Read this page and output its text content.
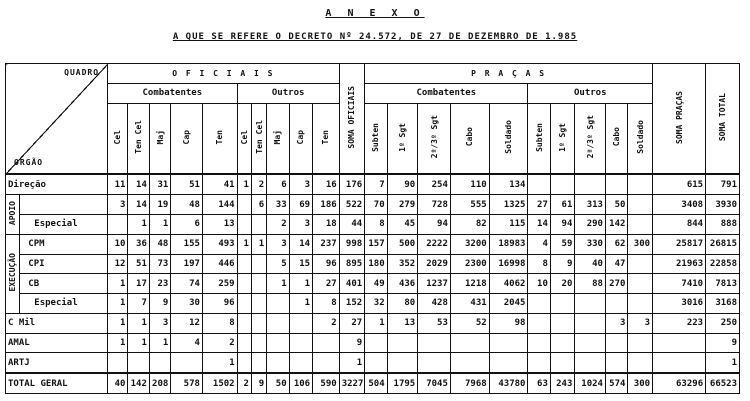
A N E X O
A QUE SE REFERE O DECRETO Nº 24.572, DE 27 DE DEZEMBRO DE 1.985
QUADRO
ORGÃO		O F I C I A I S										SOMA OFICIAIS	P R A Ç A S										SOMA PRAÇAS	SOMA TOTAL
		Combatentes					Outros						Combatentes					Outros						
		Cel	Ten Cel	Maj	Cap	Ten	Cel	Ten Cel	Maj	Cap	Ten		Subten	1º Sgt	2º/3º Sgt	Cabo	Soldado	Subten	1º Sgt	2º/3º Sgt	Cabo	Soldado		
Direção		11	14	31	51	41	1	2	6	3	16	176	7	90	254	110	134						615	791
APOIO		3	14	19	48	144		6	33	69	186	522	70	279	728	555	1325	27	61	313	50		3408	3930
	Especial		1	1	6	13			2	3	18	44	8	45	94	82	115	14	94	290	142		844	888
EXECUÇÃO	CPM	10	36	48	155	493	1	1	3	14	237	998	157	500	2222	3200	18983	4	59	330	62	300	25817	26815
	CPI	12	51	73	197	446			5	15	96	895	180	352	2029	2300	16998	8	9	40	47		21963	22858
	CB	1	17	23	74	259			1	1	27	401	49	436	1237	1218	4062	10	20	88	270		7410	7813
	Especial	1	7	9	30	96				1	8	152	32	80	428	431	2045						3016	3168
C Mil		1	1	3	12	8					2	27	1	13	53	52	98				3	3	223	250
AMAL		1	1	1	4	2						9												9
ARTJ						1						1												1
TOTAL GERAL		40	142	208	578	1502	2	9	50	106	590	3227	504	1795	7045	7968	43780	63	243	1024	574	300	63296	66523
